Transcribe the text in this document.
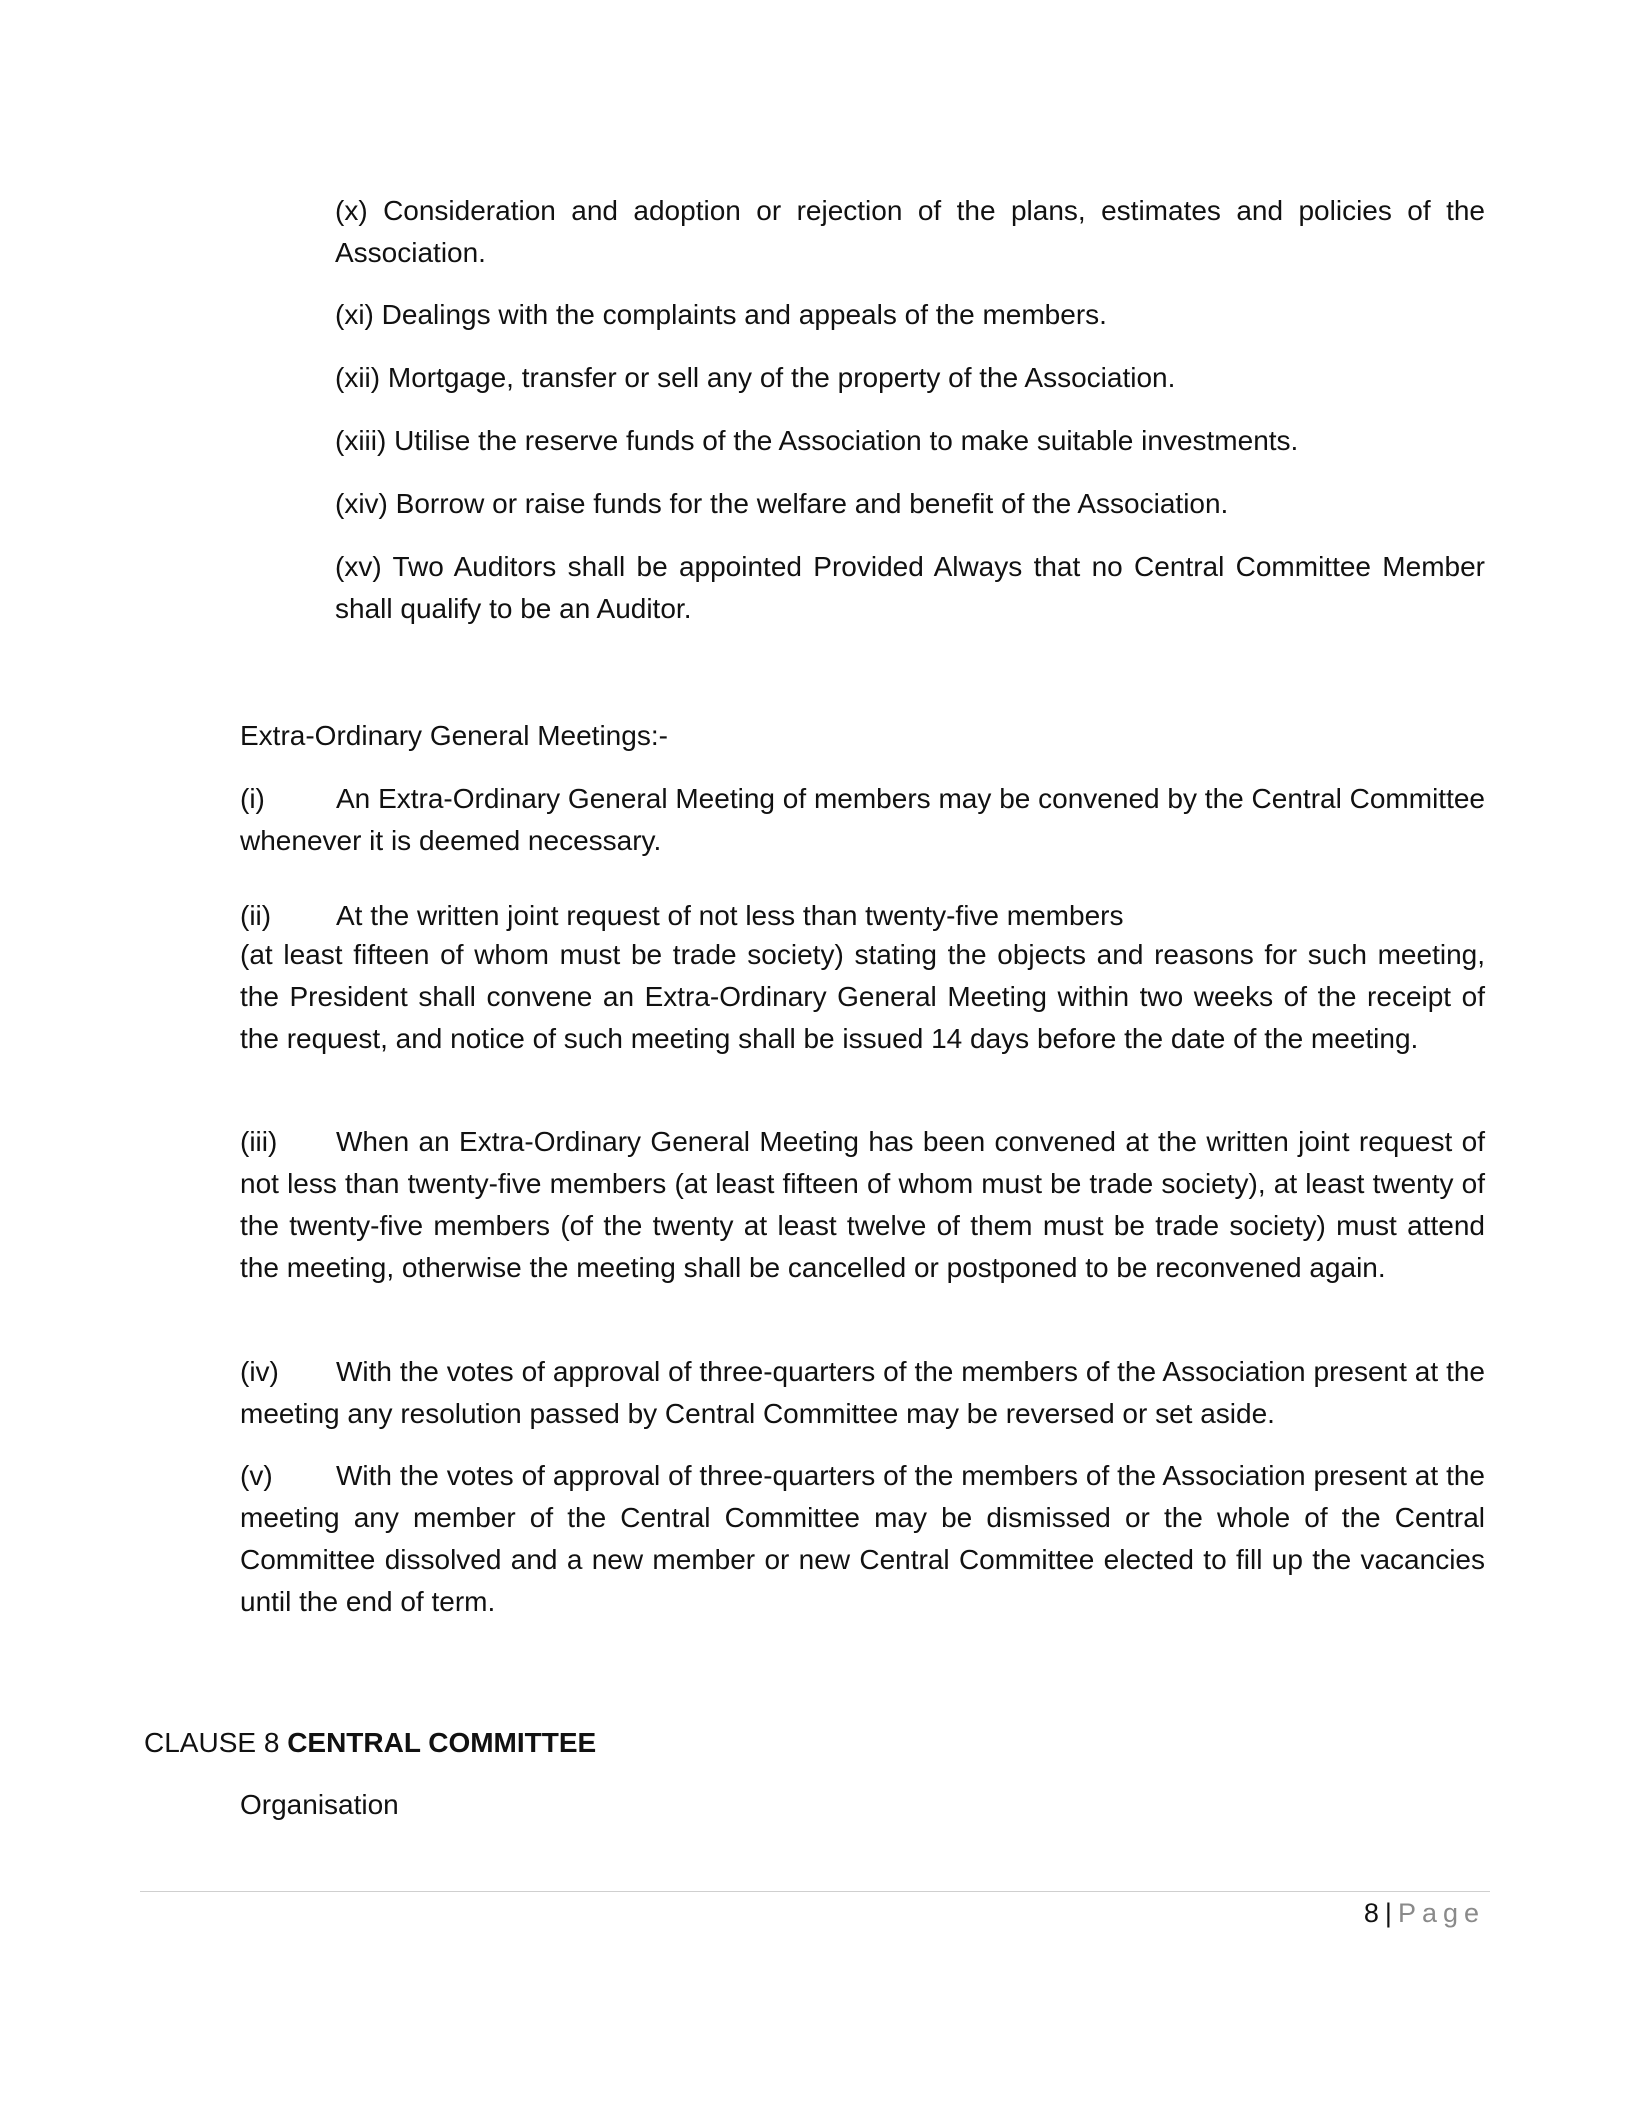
(x) Consideration and adoption or rejection of the plans, estimates and policies of the Association.

(xi) Dealings with the complaints and appeals of the members.

(xii) Mortgage, transfer or sell any of the property of the Association.

(xiii) Utilise the reserve funds of the Association to make suitable investments.

(xiv) Borrow or raise funds for the welfare and benefit of the Association.

(xv) Two Auditors shall be appointed Provided Always that no Central Committee Member shall qualify to be an Auditor.

Extra-Ordinary General Meetings:-

(i)	An Extra-Ordinary General Meeting of members may be convened by the Central Committee whenever it is deemed necessary.

(ii) At the written joint request of not less than twenty-five members

(at least fifteen of whom must be trade society) stating the objects and reasons for such meeting, the President shall convene an Extra-Ordinary General Meeting within two weeks of the receipt of the request, and notice of such meeting shall be issued 14 days before the date of the meeting.

(iii) When an Extra-Ordinary General Meeting has been convened at the written joint request of not less than twenty-five members (at least fifteen of whom must be trade society), at least twenty of the twenty-five members (of the twenty at least twelve of them must be trade society) must attend the meeting, otherwise the meeting shall be cancelled or postponed to be reconvened again.

(iv) With the votes of approval of three-quarters of the members of the Association present at the meeting any resolution passed by Central Committee may be reversed or set aside.

(v) With the votes of approval of three-quarters of the members of the Association present at the meeting any member of the Central Committee may be dismissed or the whole of the Central Committee dissolved and a new member or new Central Committee elected to fill up the vacancies until the end of term.

CLAUSE 8 CENTRAL COMMITTEE

Organisation

8 | Page
